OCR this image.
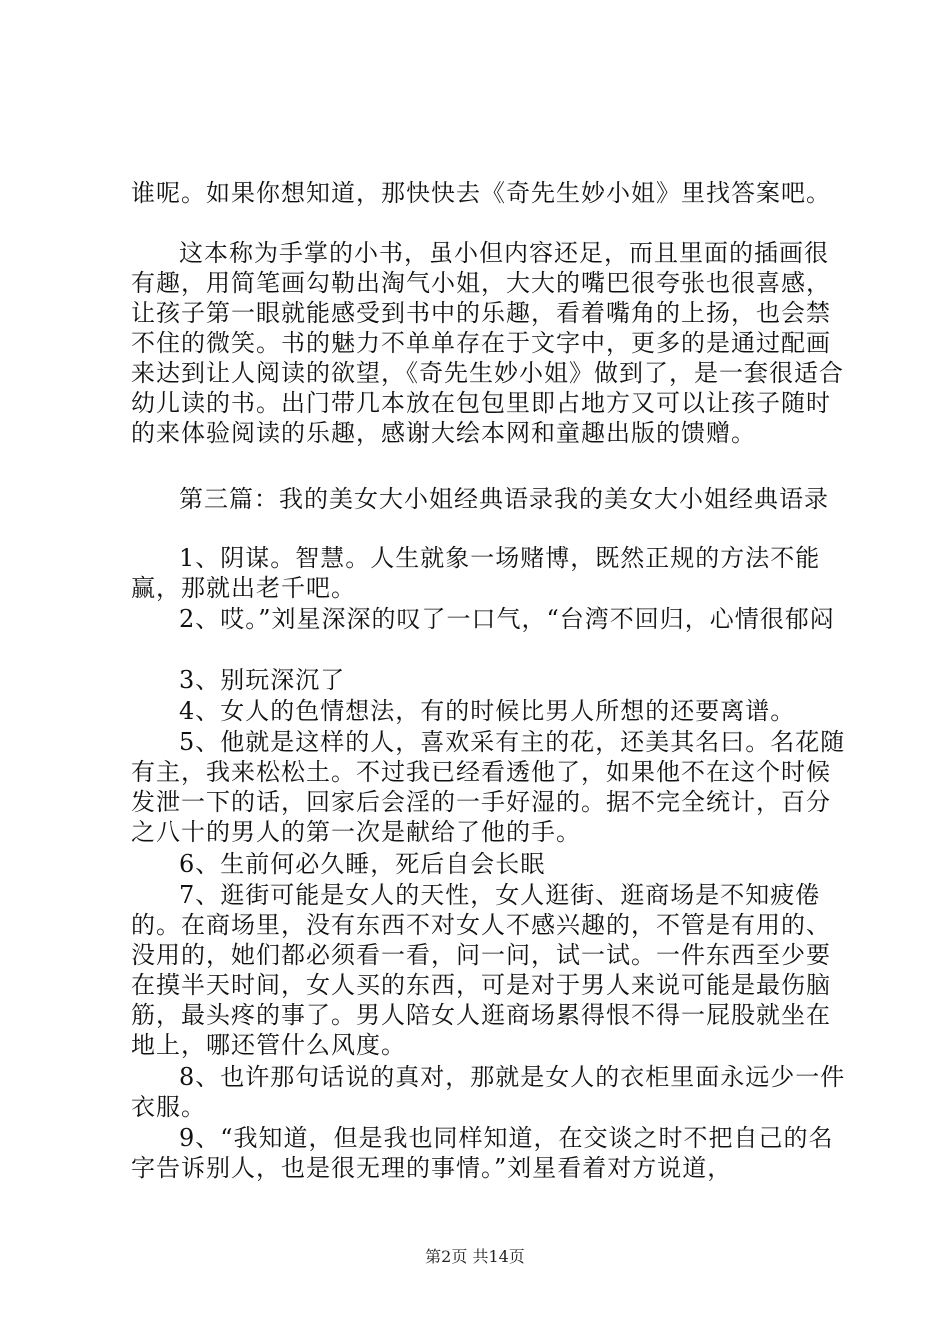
谁呢。如果你想知道，那快快去《奇先生妙小姐》里找答案吧。

这本称为手掌的小书，虽小但内容还足，而且里面的插画很有趣，用简笔画勾勒出淘气小姐，大大的嘴巴很夸张也很喜感，让孩子第一眼就能感受到书中的乐趣，看着嘴角的上扬，也会禁不住的微笑。书的魅力不单单存在于文字中，更多的是通过配画来达到让人阅读的欲望，《奇先生妙小姐》做到了，是一套很适合幼儿读的书。出门带几本放在包包里即占地方又可以让孩子随时的来体验阅读的乐趣，感谢大绘本网和童趣出版的馈赠。

第三篇：我的美女大小姐经典语录我的美女大小姐经典语录

1、阴谋。智慧。人生就象一场赌博，既然正规的方法不能赢，那就出老千吧。

2、哎。”刘星深深的叹了一口气，“台湾不回归，心情很郁闷

3、别玩深沉了

4、女人的色情想法，有的时候比男人所想的还要离谱。

5、他就是这样的人，喜欢采有主的花，还美其名曰。名花随有主，我来松松土。不过我已经看透他了，如果他不在这个时候发泄一下的话，回家后会淫的一手好湿的。据不完全统计，百分之八十的男人的第一次是献给了他的手。

6、生前何必久睡，死后自会长眠

7、逛街可能是女人的天性，女人逛街、逛商场是不知疲倦的。在商场里，没有东西不对女人不感兴趣的，不管是有用的、没用的，她们都必须看一看，问一问，试一试。一件东西至少要在摸半天时间，女人买的东西，可是对于男人来说可能是最伤脑筋，最头疼的事了。男人陪女人逛商场累得恨不得一屁股就坐在地上，哪还管什么风度。

8、也许那句话说的真对，那就是女人的衣柜里面永远少一件衣服。

9、“我知道，但是我也同样知道，在交谈之时不把自己的名字告诉别人，也是很无理的事情。”刘星看着对方说道，

第2页 共14页
